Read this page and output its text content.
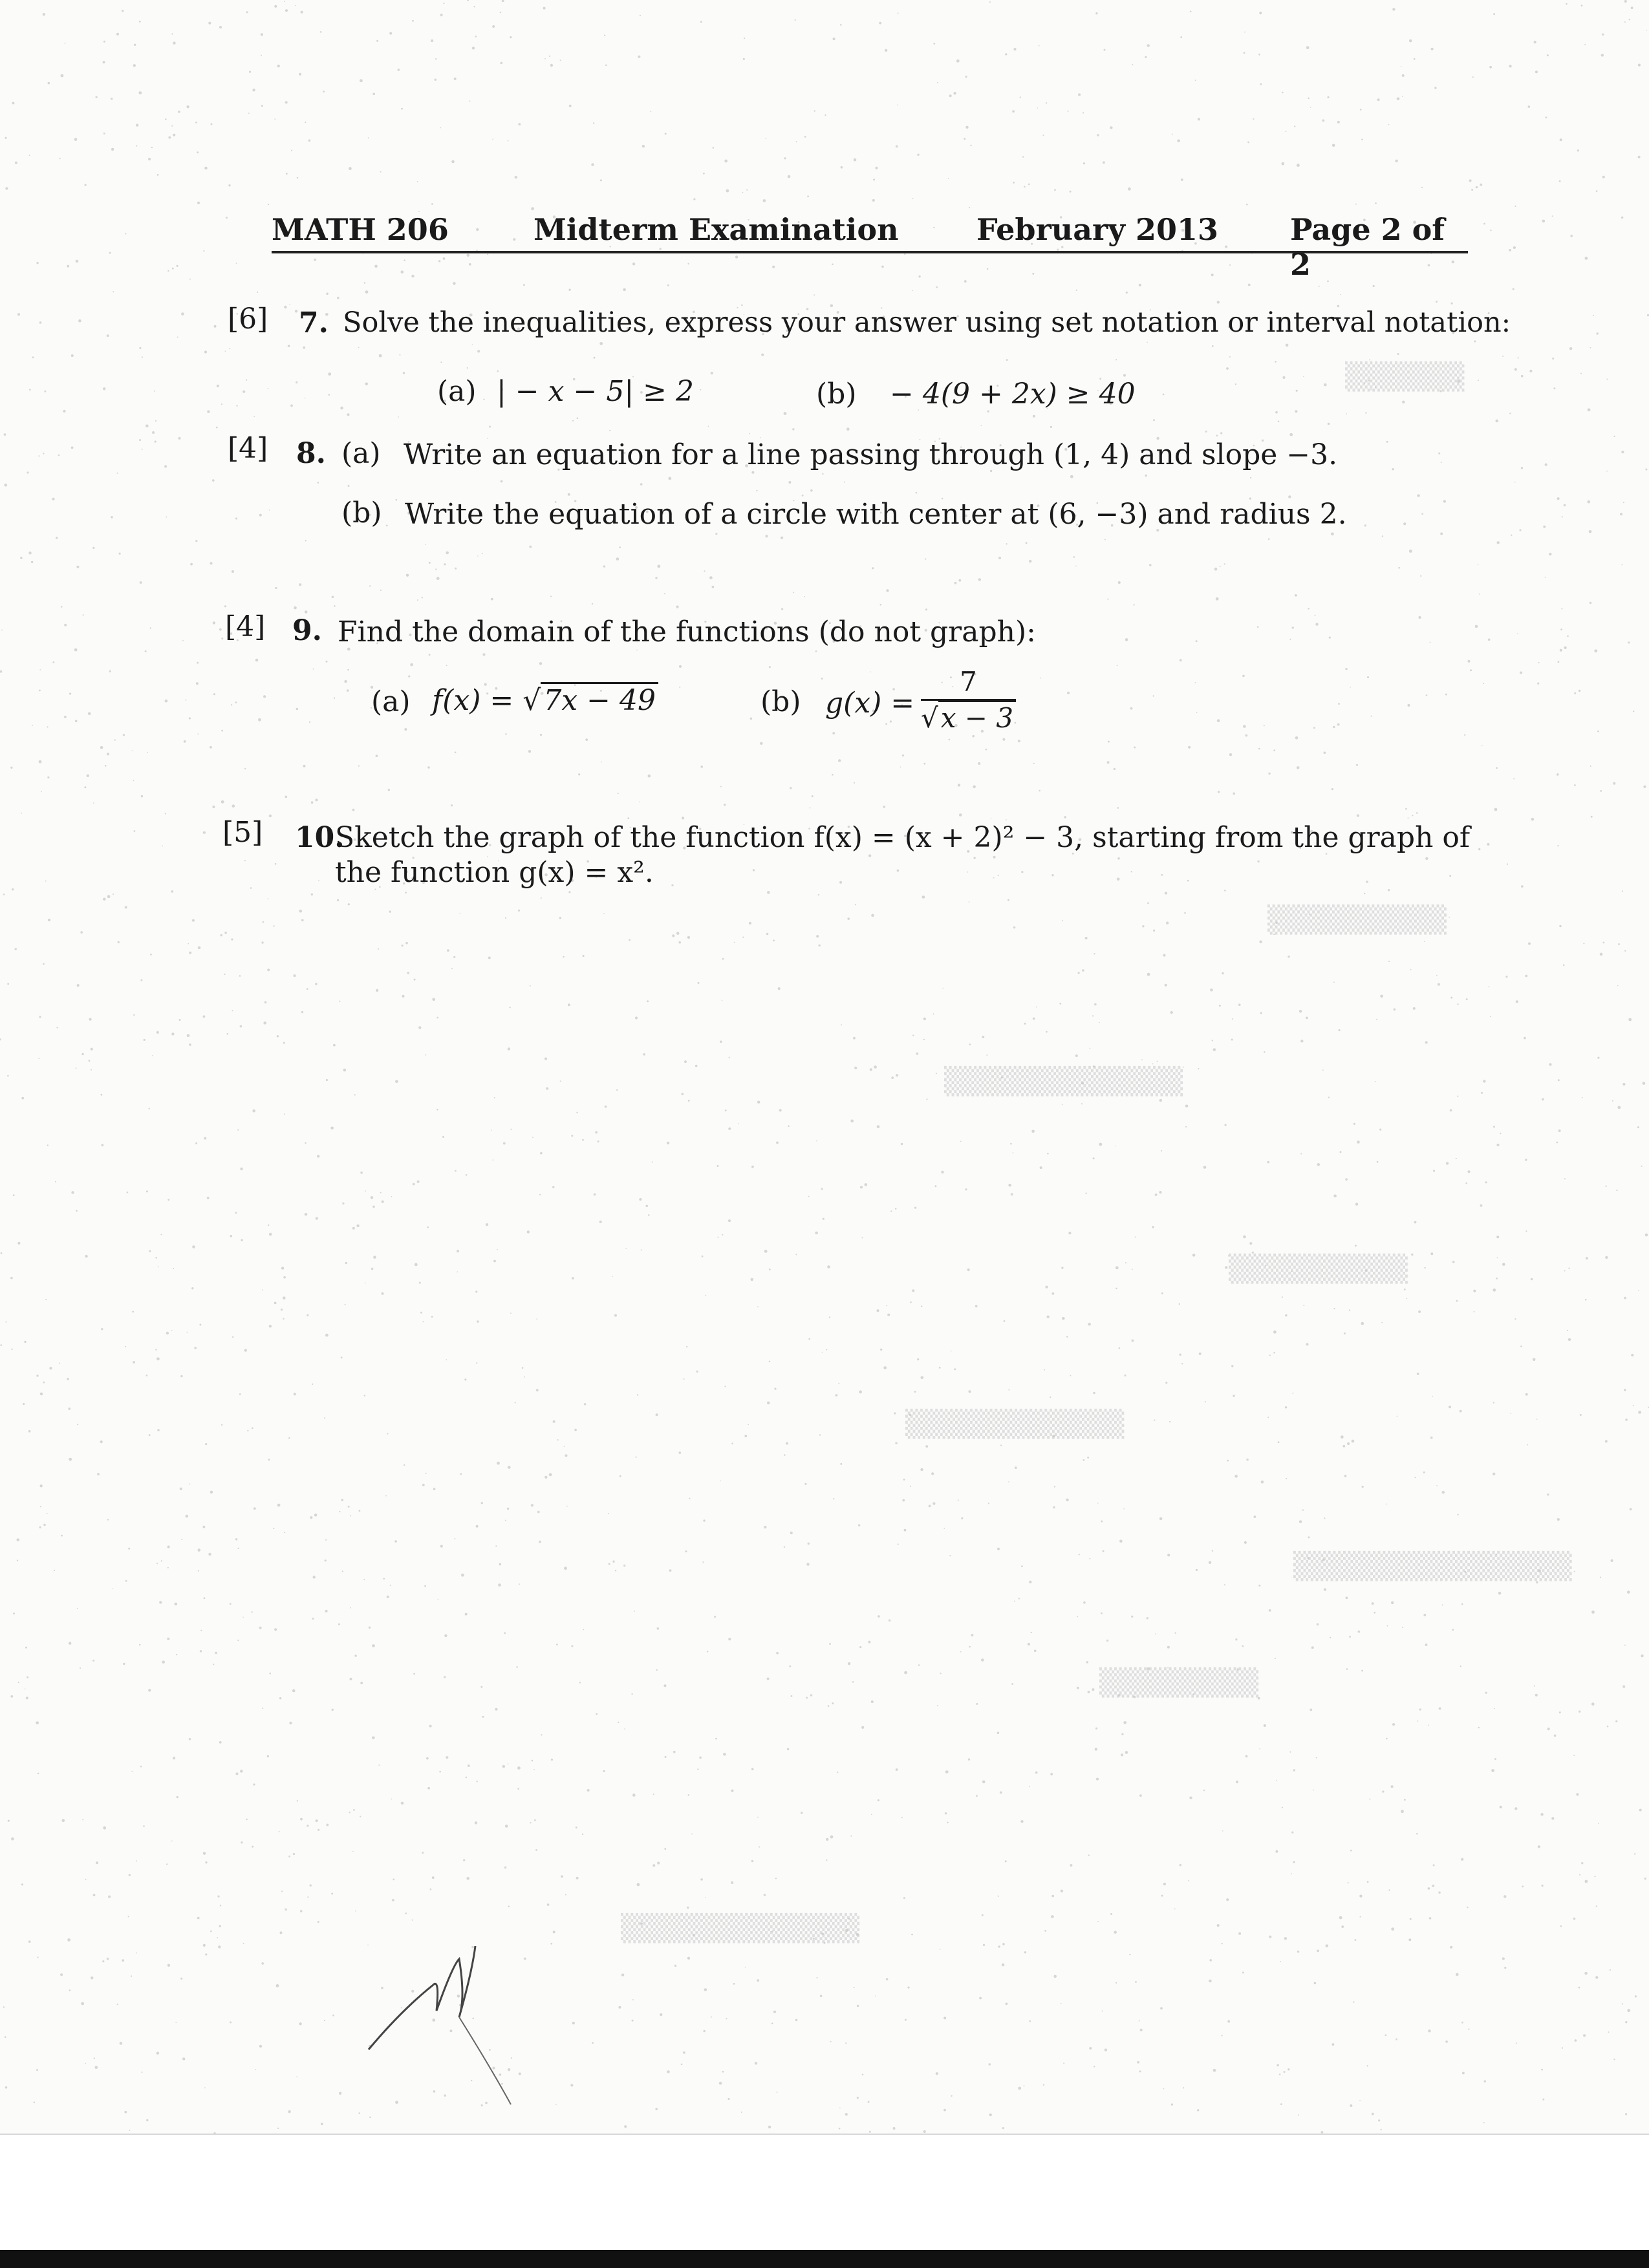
▒▒▒▒▒▒
▒▒▒▒▒▒▒▒▒
▒▒▒▒▒▒▒▒▒▒▒▒
▒▒▒▒▒▒▒▒▒
▒▒▒▒▒▒▒▒▒▒▒
▒▒▒▒▒▒▒▒▒▒▒▒▒▒
▒▒▒▒▒▒▒▒
▒▒▒▒▒▒▒▒▒▒▒▒
MATH 206	Midterm Examination	February 2013 Page 2 of 2
[6] 7. Solve the inequalities, express your answer using set notation or interval notation:
(a) | − x − 5| ≥ 2	(b) − 4(9 + 2x) ≥ 40
[4] 8. (a) Write an equation for a line passing through (1, 4) and slope −3.
(b) Write the equation of a circle with center at (6, −3) and radius 2.
[4] 9. Find the domain of the functions (do not graph):
(a) f(x) = √7x − 49	(b) $g(x) = \frac{7}{√x - 3}$
[5] 10.
Sketch the graph of the function f(x) = (x + 2)² − 3, starting from the graph of
the function g(x) = x².
